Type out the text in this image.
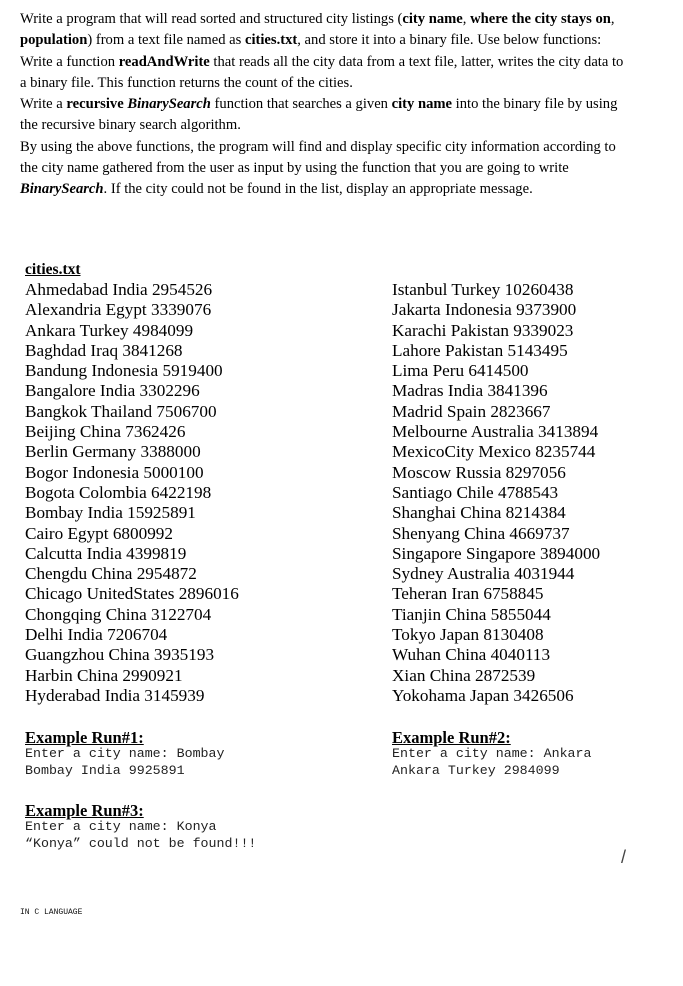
Write a program that will read sorted and structured city listings (city name, where the city stays on, population) from a text file named as cities.txt, and store it into a binary file. Use below functions:

Write a function readAndWrite that reads all the city data from a text file, latter, writes the city data to a binary file. This function returns the count of the cities.

Write a recursive BinarySearch function that searches a given city name into the binary file by using the recursive binary search algorithm.

By using the above functions, the program will find and display specific city information according to the city name gathered from the user as input by using the function that you are going to write BinarySearch. If the city could not be found in the list, display an appropriate message.

cities.txt
Ahmedabad India 2954526
Alexandria Egypt 3339076
Ankara Turkey 4984099
Baghdad Iraq 3841268
Bandung Indonesia 5919400
Bangalore India 3302296
Bangkok Thailand 7506700
Beijing China 7362426
Berlin Germany 3388000
Bogor Indonesia 5000100
Bogota Colombia 6422198
Bombay India 15925891
Cairo Egypt 6800992
Calcutta India 4399819
Chengdu China 2954872
Chicago UnitedStates 2896016
Chongqing China 3122704
Delhi India 7206704
Guangzhou China 3935193
Harbin China 2990921
Hyderabad India 3145939
Istanbul Turkey 10260438
Jakarta Indonesia 9373900
Karachi Pakistan 9339023
Lahore Pakistan 5143495
Lima Peru 6414500
Madras India 3841396
Madrid Spain 2823667
Melbourne Australia 3413894
MexicoCity Mexico 8235744
Moscow Russia 8297056
Santiago Chile 4788543
Shanghai China 8214384
Shenyang China 4669737
Singapore Singapore 3894000
Sydney Australia 4031944
Teheran Iran 6758845
Tianjin China 5855044
Tokyo Japan 8130408
Wuhan China 4040113
Xian China 2872539
Yokohama Japan 3426506
Example Run#1:
Enter a city name: Bombay
Bombay India 9925891
Example Run#2:
Enter a city name: Ankara
Ankara Turkey 2984099
Example Run#3:
Enter a city name: Konya
“Konya” could not be found!!!
/
IN C LANGUAGE
